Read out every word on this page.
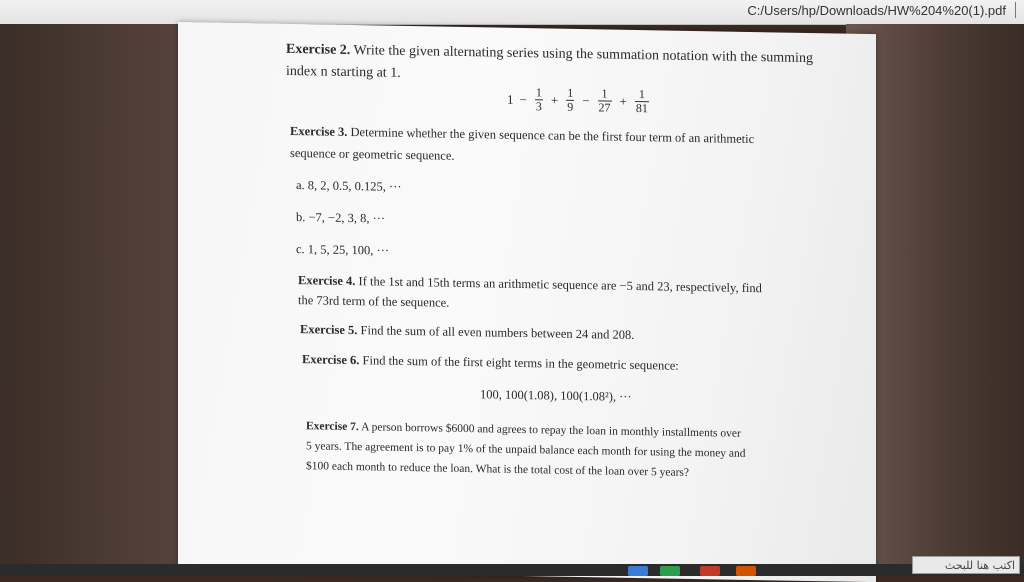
C:/Users/hp/Downloads/HW%204%20(1).pdf
Exercise 2. Write the given alternating series using the summation notation with the summing
index n starting at 1.
$1 - \frac{1}{3} + \frac{1}{9} - \frac{1}{27} + \frac{1}{81}$
Exercise 3. Determine whether the given sequence can be the first four term of an arithmetic
sequence or geometric sequence.
a. 8, 2, 0.5, 0.125, ···
b. −7, −2, 3, 8, ···
c. 1, 5, 25, 100, ···
Exercise 4. If the 1st and 15th terms an arithmetic sequence are −5 and 23, respectively, find
the 73rd term of the sequence.
Exercise 5. Find the sum of all even numbers between 24 and 208.
Exercise 6. Find the sum of the first eight terms in the geometric sequence:
100, 100(1.08), 100(1.08²), ···
Exercise 7. A person borrows $6000 and agrees to repay the loan in monthly installments over
5 years. The agreement is to pay 1% of the unpaid balance each month for using the money and
$100 each month to reduce the loan. What is the total cost of the loan over 5 years?
اكتب هنا للبحث
